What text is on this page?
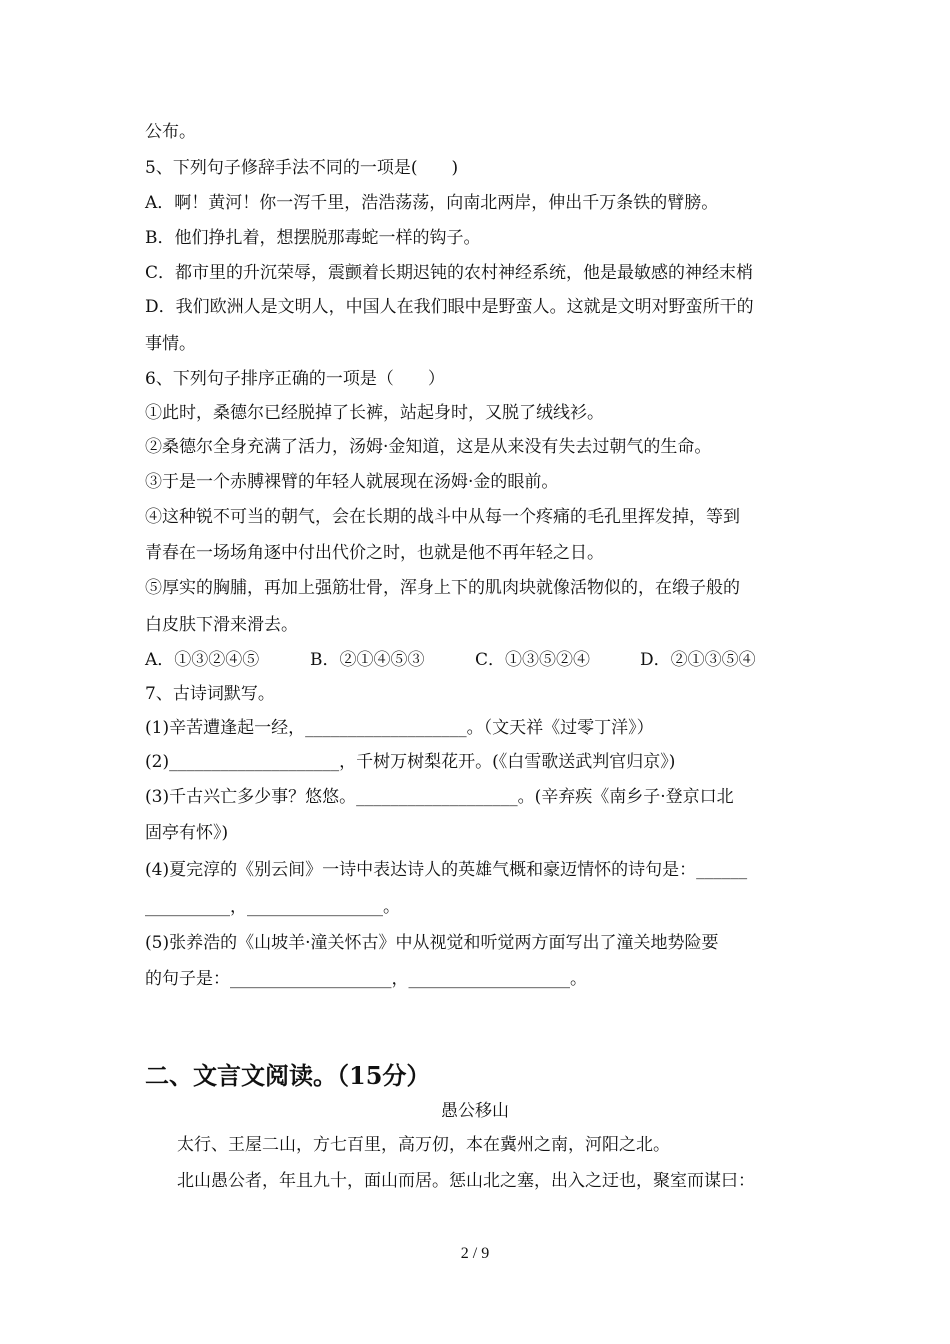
公布。
5、下列句子修辞手法不同的一项是(　　)
A．啊！黄河！你一泻千里，浩浩荡荡，向南北两岸，伸出千万条铁的臂膀。
B．他们挣扎着，想摆脱那毒蛇一样的钩子。
C．都市里的升沉荣辱，震颤着长期迟钝的农村神经系统，他是最敏感的神经末梢
D．我们欧洲人是文明人，中国人在我们眼中是野蛮人。这就是文明对野蛮所干的
事情。
6、下列句子排序正确的一项是（　　）
①此时，桑德尔已经脱掉了长裤，站起身时，又脱了绒线衫。
②桑德尔全身充满了活力，汤姆·金知道，这是从来没有失去过朝气的生命。
③于是一个赤膊裸臂的年轻人就展现在汤姆·金的眼前。
④这种锐不可当的朝气，会在长期的战斗中从每一个疼痛的毛孔里挥发掉，等到
青春在一场场角逐中付出代价之时，也就是他不再年轻之日。
⑤厚实的胸脯，再加上强筋壮骨，浑身上下的肌肉块就像活物似的，在缎子般的
白皮肤下滑来滑去。
A．①③②④⑤	B．②①④⑤③	C．①③⑤②④	D．②①③⑤④
7、古诗词默写。
(1)辛苦遭逢起一经，___________________。（文天祥《过零丁洋》）
(2)____________________，千树万树梨花开。(《白雪歌送武判官归京》)
(3)千古兴亡多少事？悠悠。___________________。(辛弃疾《南乡子·登京口北
固亭有怀》)
(4)夏完淳的《别云间》一诗中表达诗人的英雄气概和豪迈情怀的诗句是：______
__________，________________。
(5)张养浩的《山坡羊·潼关怀古》中从视觉和听觉两方面写出了潼关地势险要
的句子是：___________________，___________________。
二、文言文阅读。（15分）
愚公移山
太行、王屋二山，方七百里，高万仞，本在冀州之南，河阳之北。
北山愚公者，年且九十，面山而居。惩山北之塞，出入之迂也，聚室而谋曰：
2 / 9
